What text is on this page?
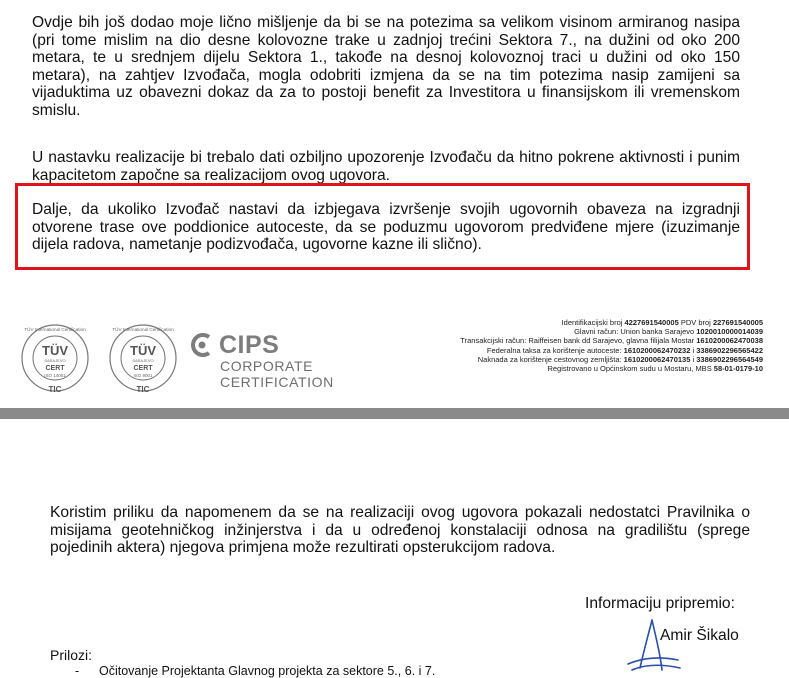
Ovdje bih još dodao moje lično mišljenje da bi se na potezima sa velikom visinom armiranog nasipa (pri tome mislim na dio desne kolovozne trake u zadnjoj trećini Sektora 7., na dužini od oko 200 metara, te u srednjem dijelu Sektora 1., takođe na desnoj kolovoznoj traci u dužini od oko 150 metara), na zahtjev Izvođača, mogla odobriti izmjena da se na tim potezima nasip zamijeni sa vijaduktima uz obavezni dokaz da za to postoji benefit za Investitora u finansijskom ili vremenskom smislu.

U nastavku realizacije bi trebalo dati ozbiljno upozorenje Izvođaču da hitno pokrene aktivnosti i punim kapacitetom započne sa realizacijom ovog ugovora.

Dalje, da ukoliko Izvođač nastavi da izbjegava izvršenje svojih ugovornih obaveza na izgradnji otvorene trase ove poddionice autoceste, da se poduzmu ugovorom predviđene mjere (izuzimanje dijela radova, nametanje podizvođača, ugovorne kazne ili slično).

TÜV
SARAJEVO
CERT
ISO 14001
TIC
TÜV International Certification
TÜV
SARAJEVO
CERT
ISO 9001
TIC
TÜV International Certification
CIPS
CORPORATE
CERTIFICATION
Identifikacijski broj 4227691540005 PDV broj 227691540005
Glavni račun: Union banka Sarajevo 1020010000014039
Transakcijski račun: Raiffeisen bank dd Sarajevo, glavna filijala Mostar 1610200062470038
Federalna taksa za korištenje autoceste: 1610200062470232 i 3386902296565422
Naknada za korištenje cestovnog zemljišta: 1610200062470135 i 3386902296564549
Registrovano u Općinskom sudu u Mostaru, MBS 58-01-0179-10

Koristim priliku da napomenem da se na realizaciji ovog ugovora pokazali nedostatci Pravilnika o misijama geotehničkog inžinjerstva i da u određenoj konstalaciji odnosa na gradilištu (sprege pojedinih aktera) njegova primjena može rezultirati opsterukcijom radova.

Informaciju pripremio:
Amir Šikalo
Prilozi:
- Očitovanje Projektanta Glavnog projekta za sektore 5., 6. i 7.
